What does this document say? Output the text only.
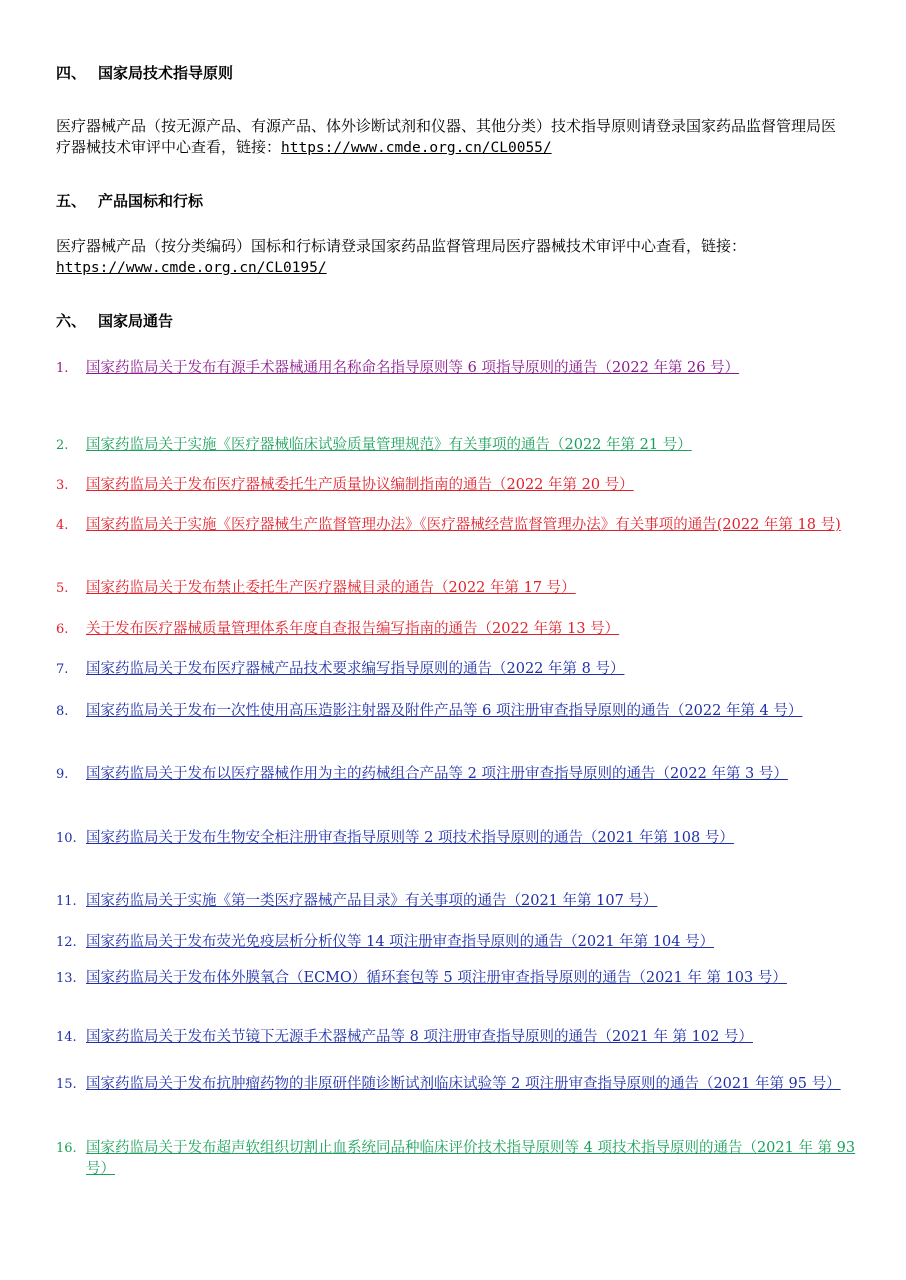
四、 国家局技术指导原则
医疗器械产品（按无源产品、有源产品、体外诊断试剂和仪器、其他分类）技术指导原则请登录国家药品监督管理局医疗器械技术审评中心查看，链接：https://www.cmde.org.cn/CL0055/
五、 产品国标和行标
医疗器械产品（按分类编码）国标和行标请登录国家药品监督管理局医疗器械技术审评中心查看，链接：https://www.cmde.org.cn/CL0195/
六、 国家局通告
1. 国家药监局关于发布有源手术器械通用名称命名指导原则等 6 项指导原则的通告（2022 年第 26 号）
2. 国家药监局关于实施《医疗器械临床试验质量管理规范》有关事项的通告（2022 年第 21 号）
3. 国家药监局关于发布医疗器械委托生产质量协议编制指南的通告（2022 年第 20 号）
4. 国家药监局关于实施《医疗器械生产监督管理办法》《医疗器械经营监督管理办法》有关事项的通告(2022 年第 18 号)
5. 国家药监局关于发布禁止委托生产医疗器械目录的通告（2022 年第 17 号）
6. 关于发布医疗器械质量管理体系年度自查报告编写指南的通告（2022 年第 13 号）
7. 国家药监局关于发布医疗器械产品技术要求编写指导原则的通告（2022 年第 8 号）
8. 国家药监局关于发布一次性使用高压造影注射器及附件产品等 6 项注册审查指导原则的通告（2022 年第 4 号）
9. 国家药监局关于发布以医疗器械作用为主的药械组合产品等 2 项注册审查指导原则的通告（2022 年第 3 号）
10. 国家药监局关于发布生物安全柜注册审查指导原则等 2 项技术指导原则的通告（2021 年第 108 号）
11. 国家药监局关于实施《第一类医疗器械产品目录》有关事项的通告（2021 年第 107 号）
12. 国家药监局关于发布荧光免疫层析分析仪等 14 项注册审查指导原则的通告（2021 年第 104 号）
13. 国家药监局关于发布体外膜氧合（ECMO）循环套包等 5 项注册审查指导原则的通告（2021 年 第 103 号）
14. 国家药监局关于发布关节镜下无源手术器械产品等 8 项注册审查指导原则的通告（2021 年 第 102 号）
15. 国家药监局关于发布抗肿瘤药物的非原研伴随诊断试剂临床试验等 2 项注册审查指导原则的通告（2021 年第 95 号）
16. 国家药监局关于发布超声软组织切割止血系统同品种临床评价技术指导原则等 4 项技术指导原则的通告（2021 年 第 93 号）
